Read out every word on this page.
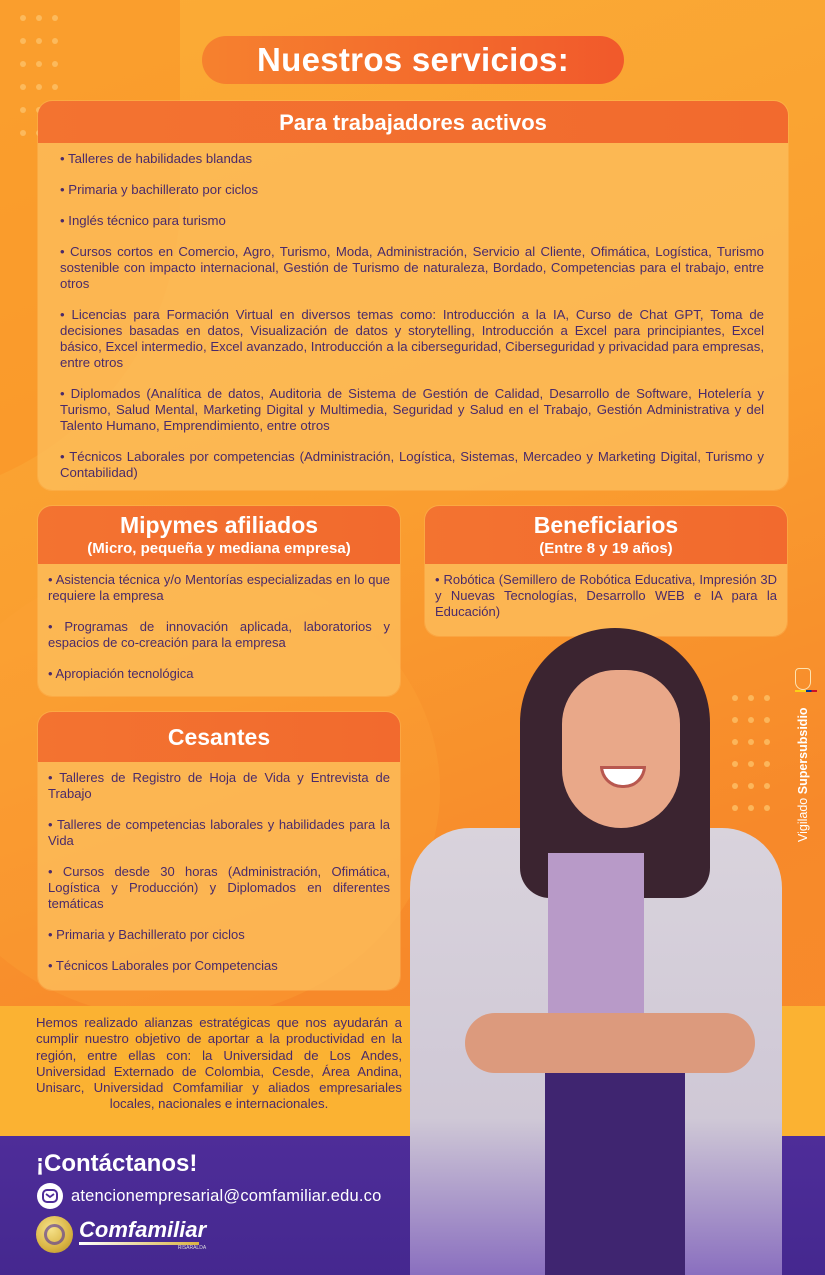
Nuestros servicios:
Para trabajadores activos

• Talleres de habilidades blandas

• Primaria y bachillerato por ciclos

• Inglés técnico para turismo

• Cursos cortos en Comercio, Agro, Turismo, Moda, Administración, Servicio al Cliente, Ofimática, Logística, Turismo sostenible con impacto internacional, Gestión de Turismo de naturaleza, Bordado, Competencias para el trabajo, entre otros

• Licencias para Formación Virtual en diversos temas como: Introducción a la IA, Curso de Chat GPT, Toma de decisiones basadas en datos, Visualización de datos y storytelling, Introducción a Excel para principiantes, Excel básico, Excel intermedio, Excel avanzado, Introducción a la ciberseguridad, Ciberseguridad y privacidad para empresas, entre otros

• Diplomados (Analítica de datos, Auditoria de Sistema de Gestión de Calidad, Desarrollo de Software, Hotelería y Turismo, Salud Mental, Marketing Digital y Multimedia, Seguridad y Salud en el Trabajo, Gestión Administrativa y del Talento Humano, Emprendimiento, entre otros

• Técnicos Laborales por competencias (Administración, Logística, Sistemas, Mercadeo y Marketing Digital, Turismo y Contabilidad)

Mipymes afiliados
(Micro, pequeña y mediana empresa)

• Asistencia técnica y/o Mentorías especializadas en lo que requiere la empresa

• Programas de innovación aplicada, laboratorios y espacios de co-creación para la empresa

• Apropiación tecnológica

Beneficiarios
(Entre 8 y 19 años)

• Robótica (Semillero de Robótica Educativa, Impresión 3D y Nuevas Tecnologías, Desarrollo WEB e IA para la Educación)

Cesantes

• Talleres de Registro de Hoja de Vida y Entrevista de Trabajo

• Talleres de competencias laborales y habilidades para la Vida

• Cursos desde 30 horas (Administración, Ofimática, Logística y Producción) y Diplomados en diferentes temáticas

• Primaria y Bachillerato por ciclos

• Técnicos Laborales por Competencias

Hemos realizado alianzas estratégicas que nos ayudarán a cumplir nuestro objetivo de aportar a la productividad en la región, entre ellas con: la Universidad de Los Andes, Universidad Externado de Colombia, Cesde, Área Andina, Unisarc, Universidad Comfamiliar y aliados empresariales locales, nacionales e internacionales.

Vigilado Supersubsidio
¡Contáctanos!
atencionempresarial@comfamiliar.edu.co
Comfamiliar
RISARALDA
